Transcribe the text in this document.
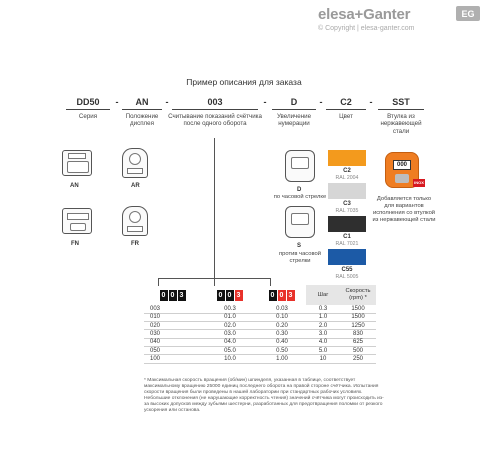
elesa+Ganter	EG
© Copyright | elesa-ganter.com
Пример описания для заказа
DD50	-	AN	-	003	-	D	-	C2	-	SST
Серия	Положение дисплея
Считывание показаний счётчика после одного оборота
Увеличение нумерации
Цвет	Втулка из нержавеющей стали
AN	AR
FN	FR
D
по часовой стрелке
S
против часовой стрелки
C2
RAL 2004
C3
RAL 7035
C1
RAL 7021
C55
RAL 5005
000
INOX
Добавляется только для вариантов исполнения со втулкой из нержавеющей стали
0 0 3	0 0 3	0 0 3	Шаг	Скорость (rpm) *
003	00.3	0.03	0.3	1500
010	01.0	0.10	1.0	1500
020	02.0	0.20	2.0	1250
030	03.0	0.30	3.0	830
040	04.0	0.40	4.0	625
050	05.0	0.50	5.0	500
100	10.0	1.00	10	250
* Максимальная скорость вращения (об/мин) шпинделя, указанная в таблице, соответствует максимальному вращению 25000 единиц последнего оборота на правой стороне счётчика. Испытания скорости вращения были проведены в нашей лаборатории при стандартных рабочих условиях. Небольшие отклонения (не нарушающие корректность чтения) значений счётчика могут происходить из-за высоких допусков между зубьями шестерни, разработанных для предотвращения поломки от резкого ускорения или останова.
